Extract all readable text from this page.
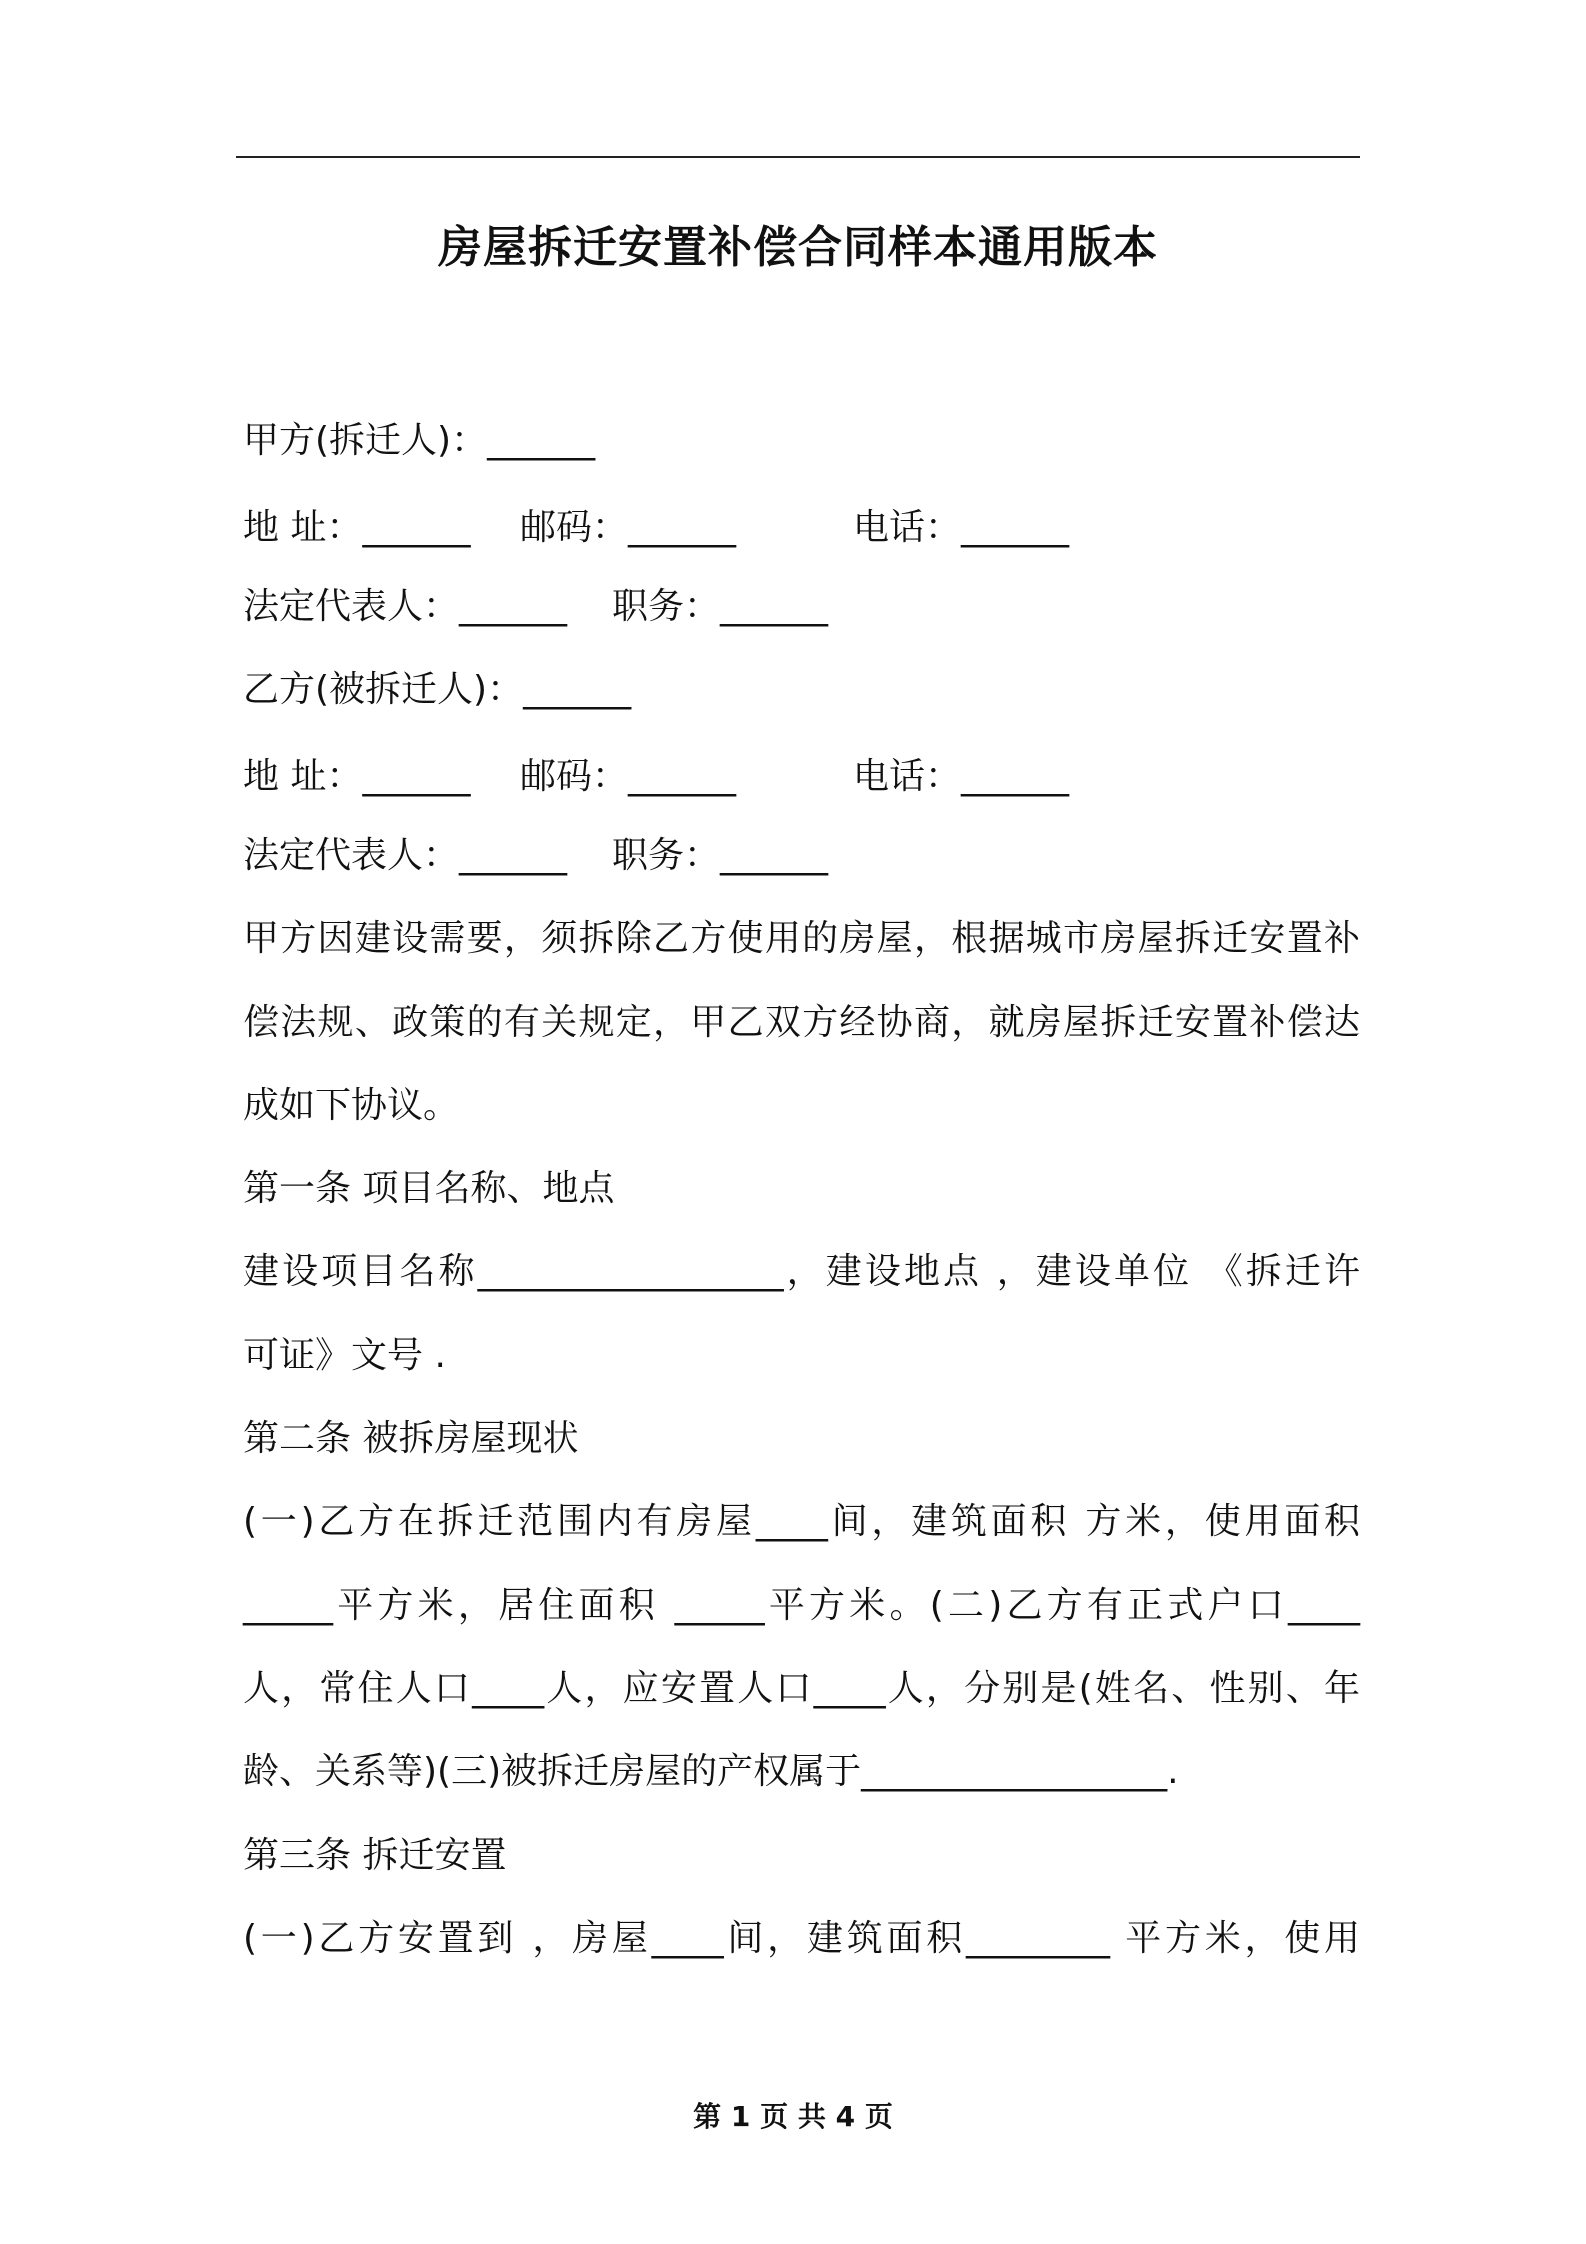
房屋拆迁安置补偿合同样本通用版本
甲方(拆迁人)：______
地 址：______ 邮码：______	电话：______
法定代表人：______ 职务：______
乙方(被拆迁人)：______
地 址：______ 邮码：______	电话：______
法定代表人：______ 职务：______
甲方因建设需要，须拆除乙方使用的房屋，根据城市房屋拆迁安置补
偿法规、政策的有关规定，甲乙双方经协商，就房屋拆迁安置补偿达
成如下协议。
第一条 项目名称、地点
建设项目名称_________________，建设地点 ，建设单位 《拆迁许
可证》文号 .
第二条 被拆房屋现状
(一)乙方在拆迁范围内有房屋____间，建筑面积 方米，使用面积
_____平方米，居住面积 _____平方米。(二)乙方有正式户口____
人，常住人口____人，应安置人口____人，分别是(姓名、性别、年
龄、关系等)(三)被拆迁房屋的产权属于_________________.
第三条 拆迁安置
(一)乙方安置到 ，房屋____间，建筑面积________ 平方米，使用
第 1 页 共 4 页
